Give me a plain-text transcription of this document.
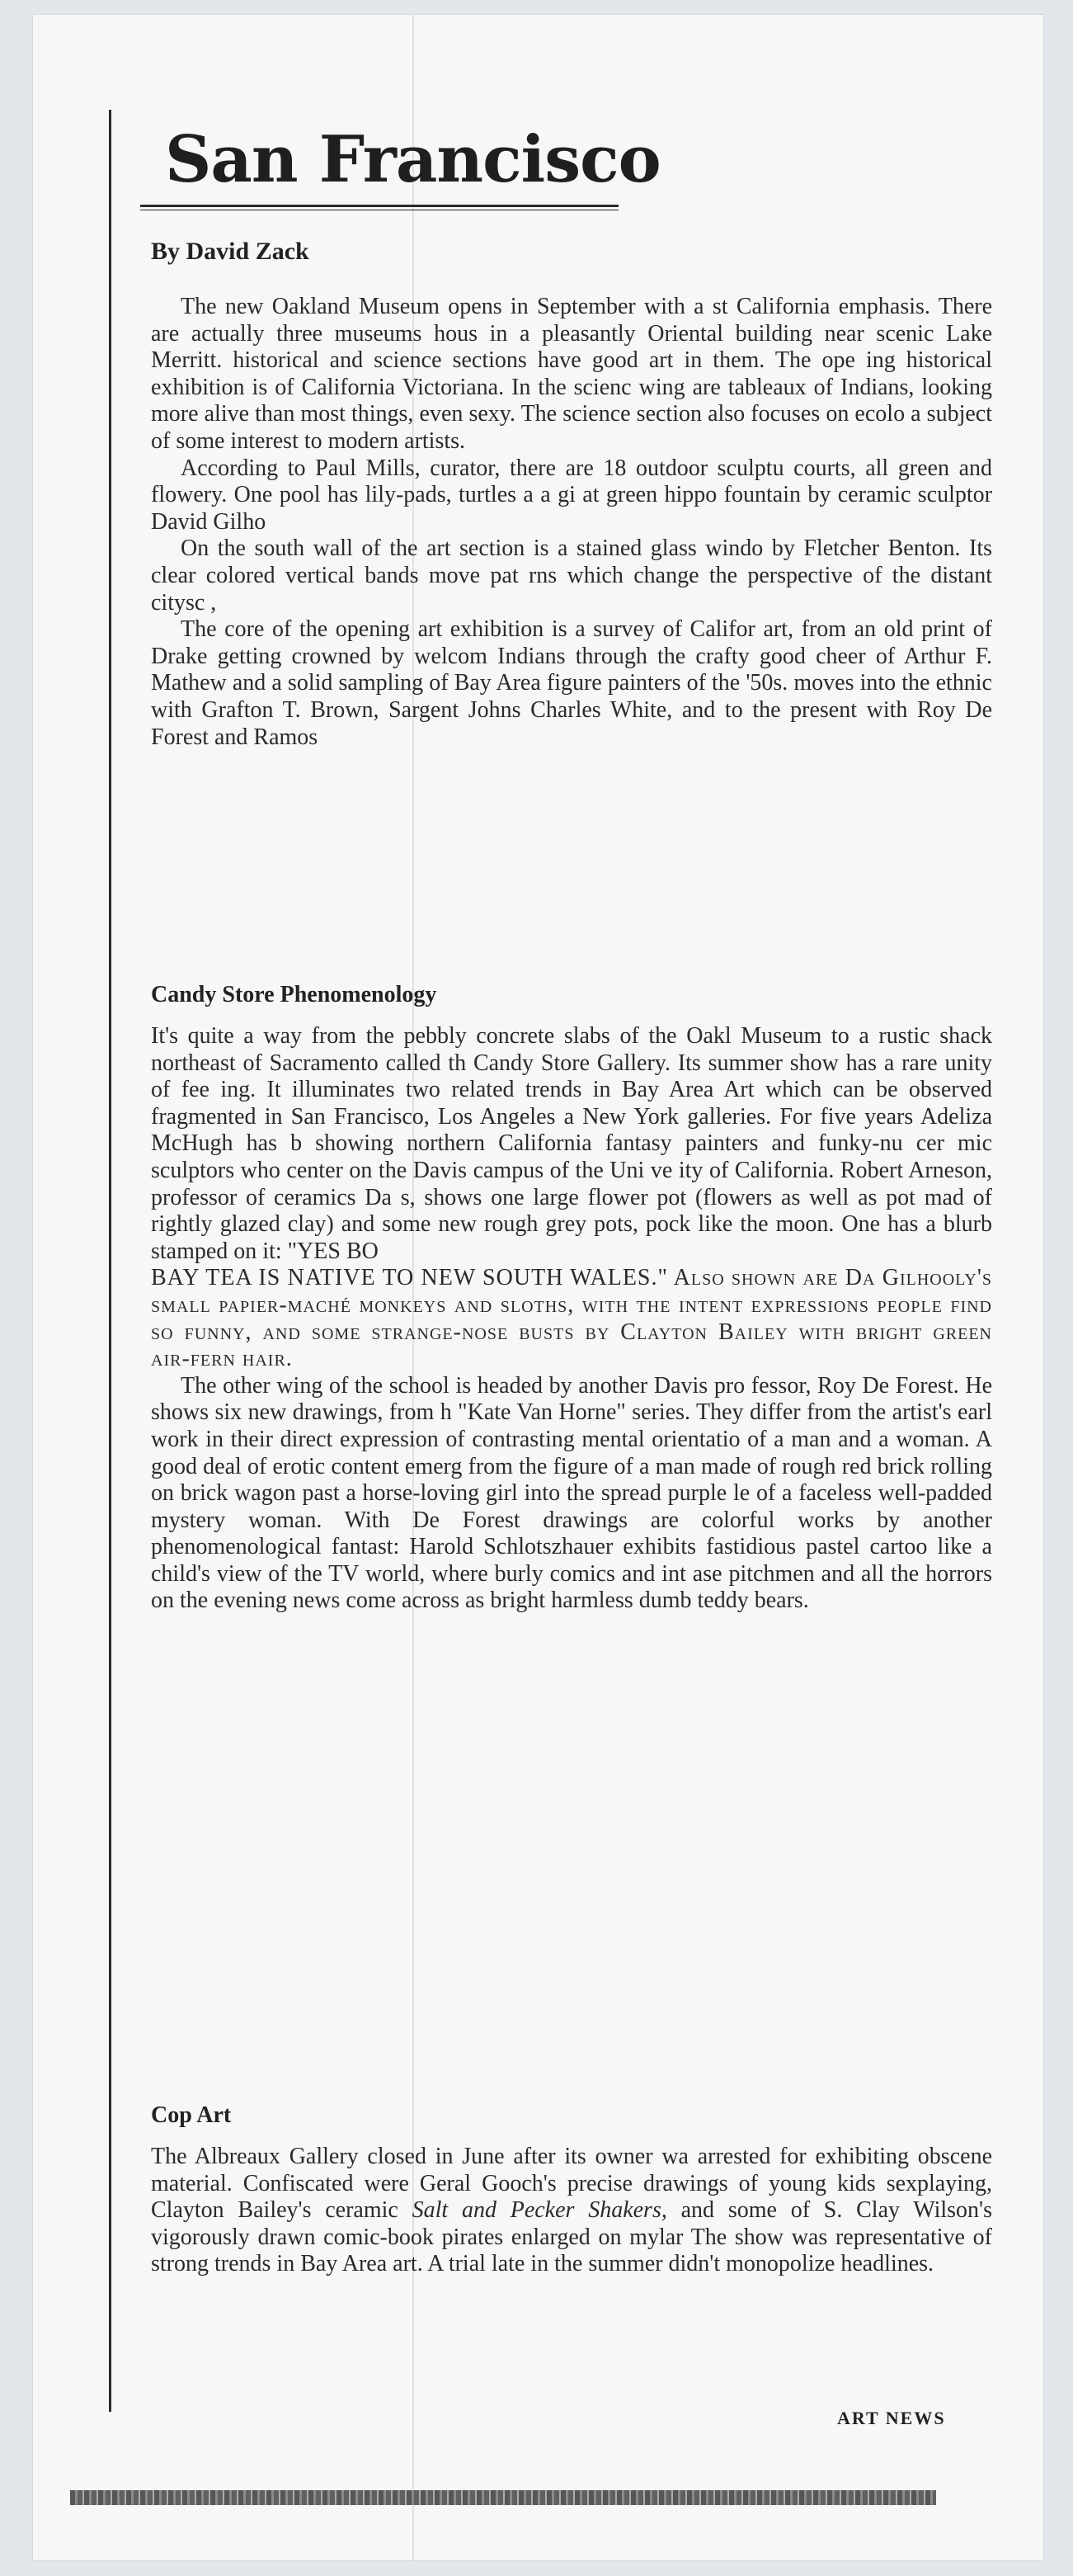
San Francisco

By David Zack

The new Oakland Museum opens in September with a st California emphasis. There are actually three museums hous in a pleasantly Oriental building near scenic Lake Merritt. historical and science sections have good art in them. The ope ing historical exhibition is of California Victoriana. In the scienc wing are tableaux of Indians, looking more alive than most things, even sexy. The science section also focuses on ecolo a subject of some interest to modern artists.

According to Paul Mills, curator, there are 18 outdoor sculptu courts, all green and flowery. One pool has lily-pads, turtles a a gi at green hippo fountain by ceramic sculptor David Gilho

On the south wall of the art section is a stained glass windo by Fletcher Benton. Its clear colored vertical bands move pat rns which change the perspective of the distant citysc ,

The core of the opening art exhibition is a survey of Califor art, from an old print of Drake getting crowned by welcom Indians through the crafty good cheer of Arthur F. Mathew and a solid sampling of Bay Area figure painters of the '50s. moves into the ethnic with Grafton T. Brown, Sargent Johns Charles White, and to the present with Roy De Forest and Ramos

Candy Store Phenomenology

It's quite a way from the pebbly concrete slabs of the Oakl Museum to a rustic shack northeast of Sacramento called th Candy Store Gallery. Its summer show has a rare unity of fee ing. It illuminates two related trends in Bay Area Art which can be observed fragmented in San Francisco, Los Angeles a New York galleries. For five years Adeliza McHugh has b showing northern California fantasy painters and funky-nu cer mic sculptors who center on the Davis campus of the Uni ve ity of California. Robert Arneson, professor of ceramics Da s, shows one large flower pot (flowers as well as pot mad of rightly glazed clay) and some new rough grey pots, pock like the moon. One has a blurb stamped on it: "YES BO

BAY TEA IS NATIVE TO NEW SOUTH WALES." Also shown are Da Gilhooly's small papier-maché monkeys and sloths, with the intent expressions people find so funny, and some strange-nose busts by Clayton Bailey with bright green air-fern hair.

The other wing of the school is headed by another Davis pro fessor, Roy De Forest. He shows six new drawings, from h "Kate Van Horne" series. They differ from the artist's earl work in their direct expression of contrasting mental orientatio of a man and a woman. A good deal of erotic content emerg from the figure of a man made of rough red brick rolling on brick wagon past a horse-loving girl into the spread purple le of a faceless well-padded mystery woman. With De Forest drawings are colorful works by another phenomenological fantast: Harold Schlotszhauer exhibits fastidious pastel cartoo like a child's view of the TV world, where burly comics and int ase pitchmen and all the horrors on the evening news come across as bright harmless dumb teddy bears.

Cop Art

The Albreaux Gallery closed in June after its owner wa arrested for exhibiting obscene material. Confiscated were Geral Gooch's precise drawings of young kids sexplaying, Clayton Bailey's ceramic Salt and Pecker Shakers, and some of S. Clay Wilson's vigorously drawn comic-book pirates enlarged on mylar The show was representative of strong trends in Bay Area art. A trial late in the summer didn't monopolize headlines.

ART NEWS
